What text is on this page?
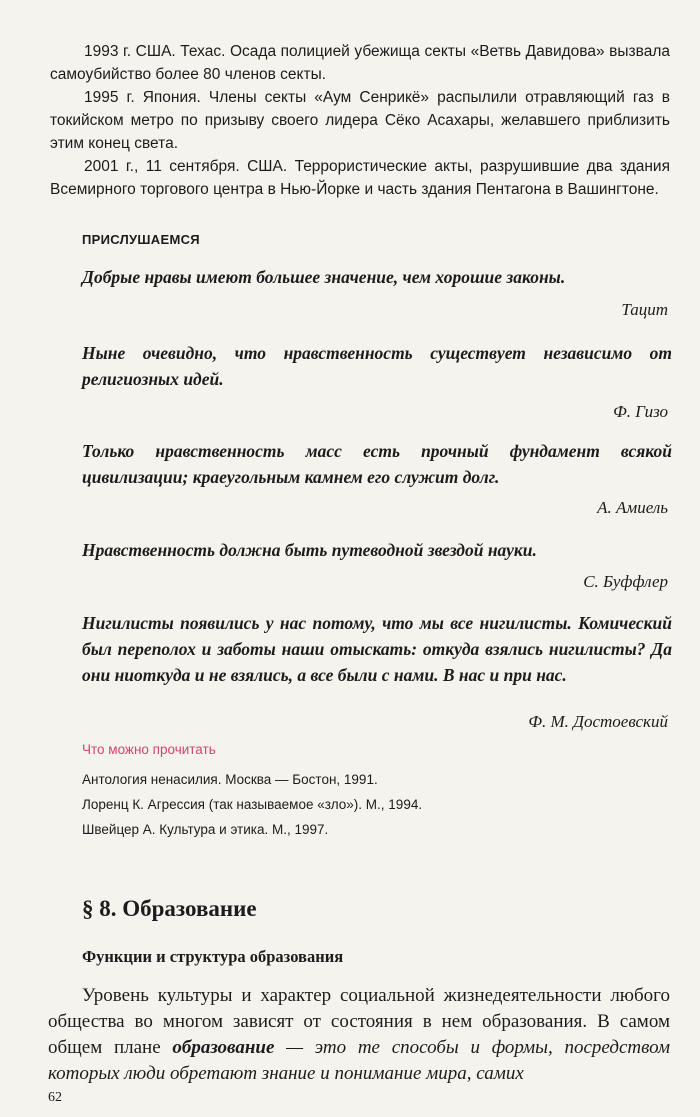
1993 г. США. Техас. Осада полицией убежища секты «Ветвь Давидова» вызвала самоубийство более 80 членов секты.

1995 г. Япония. Члены секты «Аум Сенрикё» распылили отравляющий газ в токийском метро по призыву своего лидера Сёко Асахары, желавшего приблизить этим конец света.

2001 г., 11 сентября. США. Террористические акты, разрушившие два здания Всемирного торгового центра в Нью-Йорке и часть здания Пентагона в Вашингтоне.

ПРИСЛУШАЕМСЯ
Добрые нравы имеют большее значение, чем хорошие законы.
Тацит
Ныне очевидно, что нравственность существует независимо от религиозных идей.
Ф. Гизо
Только нравственность масс есть прочный фундамент всякой цивилизации; краеугольным камнем его служит долг.
А. Амиель
Нравственность должна быть путеводной звездой науки.
С. Буффлер
Нигилисты появились у нас потому, что мы все нигилисты. Комический был переполох и заботы наши отыскать: откуда взялись нигилисты? Да они ниоткуда и не взялись, а все были с нами. В нас и при нас.
Ф. М. Достоевский
Что можно прочитать
Антология ненасилия. Москва — Бостон, 1991.
Лоренц К. Агрессия (так называемое «зло»). М., 1994.
Швейцер А. Культура и этика. М., 1997.
§ 8. Образование
Функции и структура образования

Уровень культуры и характер социальной жизнедеятельности любого общества во многом зависят от состояния в нем образования. В самом общем плане образование — это те способы и формы, посредством которых люди обретают знание и понимание мира, самих

62
